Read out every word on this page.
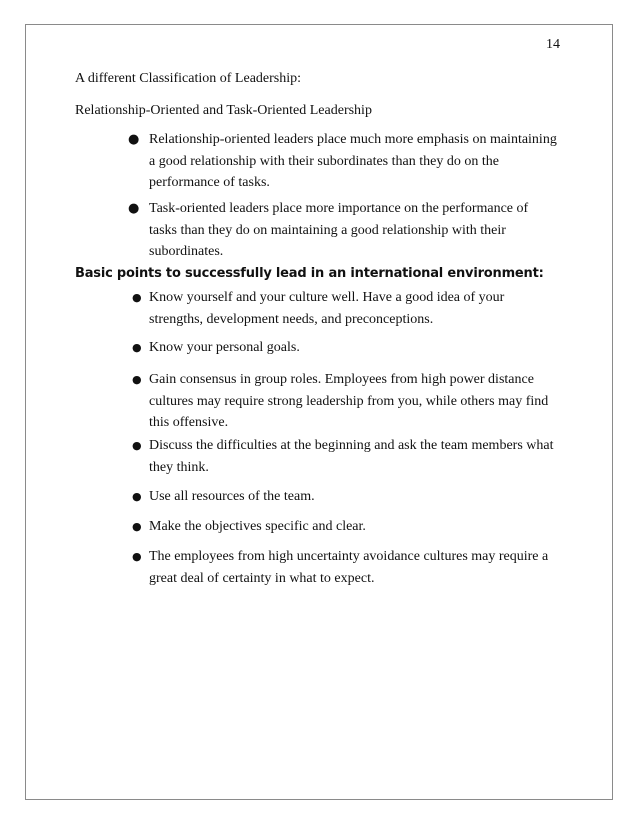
14
A different Classification of Leadership:
Relationship-Oriented and Task-Oriented Leadership
● Relationship-oriented leaders place much more emphasis on maintaining a good relationship with their subordinates than they do on the performance of tasks.
● Task-oriented leaders place more importance on the performance of tasks than they do on maintaining a good relationship with their subordinates.
Basic points to successfully lead in an international environment:
● Know yourself and your culture well. Have a good idea of your strengths, development needs, and preconceptions.
● Know your personal goals.
● Gain consensus in group roles. Employees from high power distance cultures may require strong leadership from you, while others may find this offensive.
● Discuss the difficulties at the beginning and ask the team members what they think.
● Use all resources of the team.
● Make the objectives specific and clear.
● The employees from high uncertainty avoidance cultures may require a great deal of certainty in what to expect.
